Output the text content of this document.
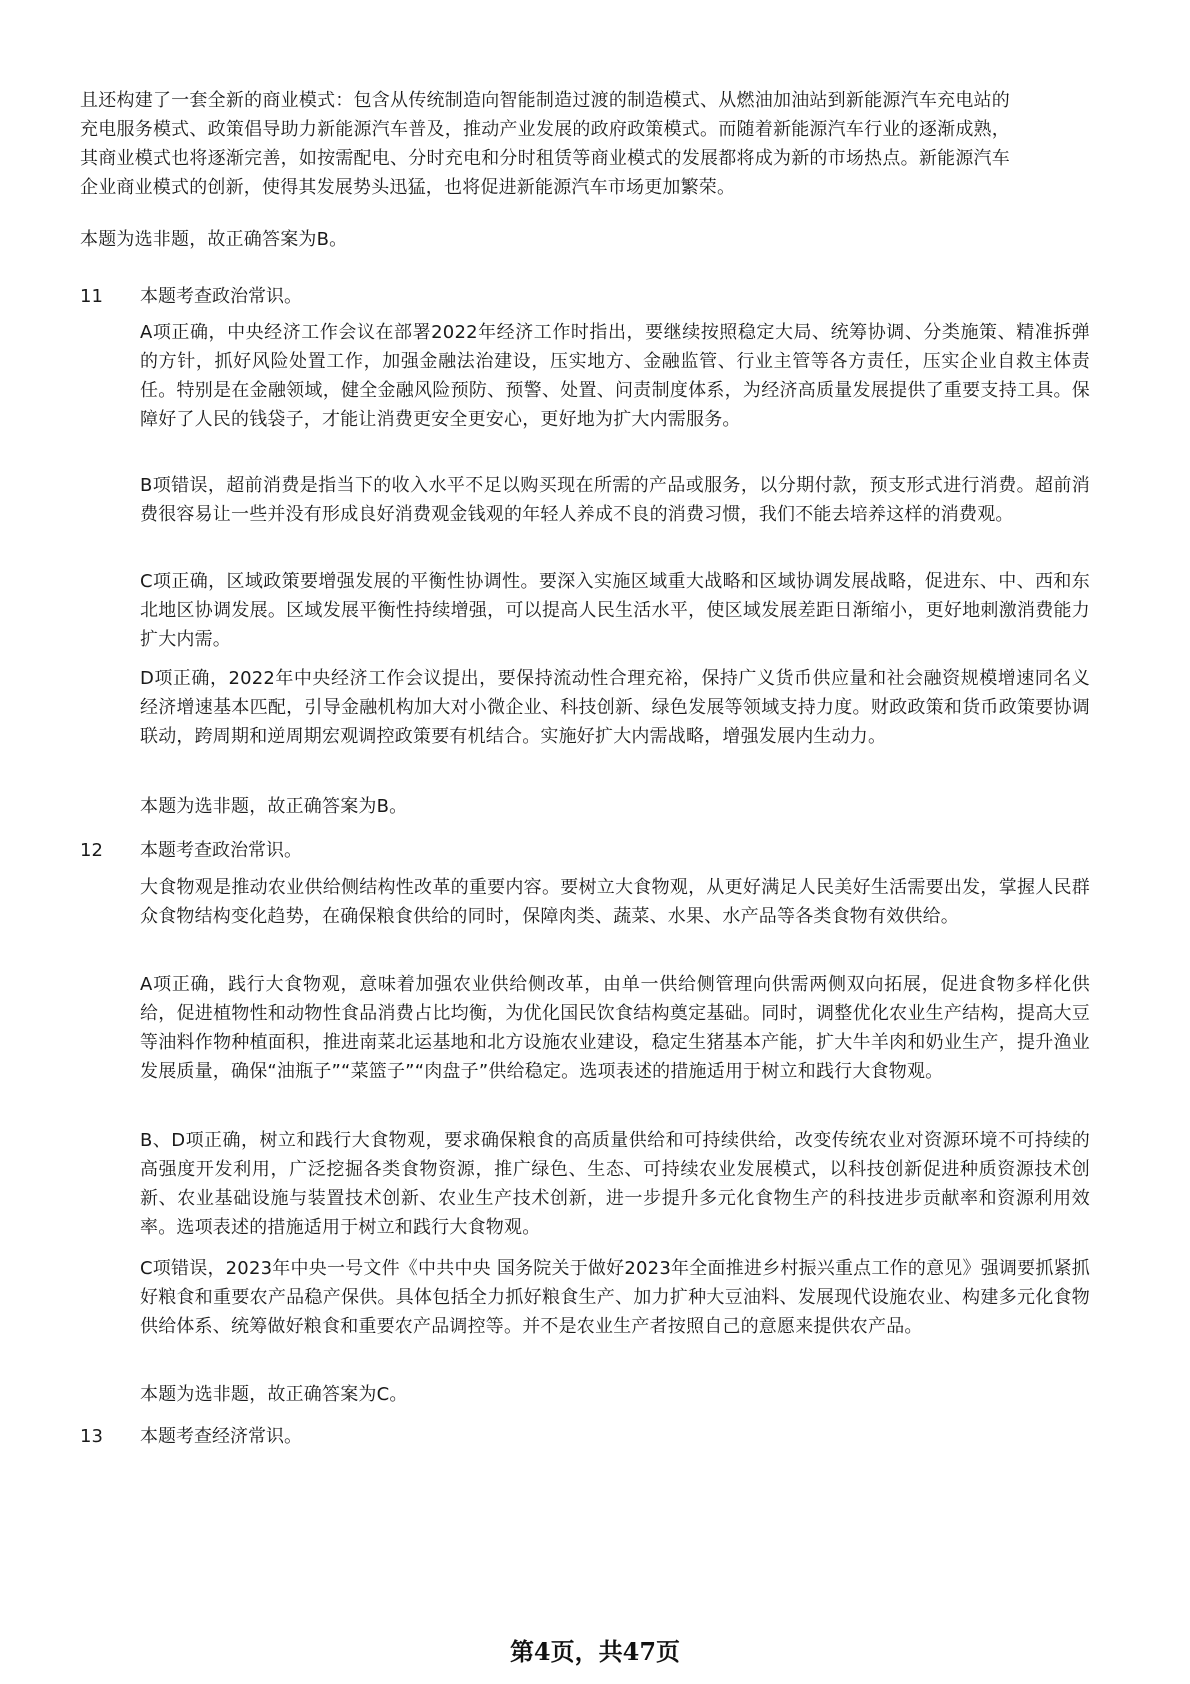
且还构建了一套全新的商业模式：包含从传统制造向智能制造过渡的制造模式、从燃油加油站到新能源汽车充电站的充电服务模式、政策倡导助力新能源汽车普及，推动产业发展的政府政策模式。而随着新能源汽车行业的逐渐成熟，其商业模式也将逐渐完善，如按需配电、分时充电和分时租赁等商业模式的发展都将成为新的市场热点。新能源汽车企业商业模式的创新，使得其发展势头迅猛，也将促进新能源汽车市场更加繁荣。

本题为选非题，故正确答案为B。

11	本题考查政治常识。

A项正确，中央经济工作会议在部署2022年经济工作时指出，要继续按照稳定大局、统筹协调、分类施策、精准拆弹的方针，抓好风险处置工作，加强金融法治建设，压实地方、金融监管、行业主管等各方责任，压实企业自救主体责任。特别是在金融领域，健全金融风险预防、预警、处置、问责制度体系，为经济高质量发展提供了重要支持工具。保障好了人民的钱袋子，才能让消费更安全更安心，更好地为扩大内需服务。

B项错误，超前消费是指当下的收入水平不足以购买现在所需的产品或服务，以分期付款，预支形式进行消费。超前消费很容易让一些并没有形成良好消费观金钱观的年轻人养成不良的消费习惯，我们不能去培养这样的消费观。

C项正确，区域政策要增强发展的平衡性协调性。要深入实施区域重大战略和区域协调发展战略，促进东、中、西和东北地区协调发展。区域发展平衡性持续增强，可以提高人民生活水平，使区域发展差距日渐缩小，更好地刺激消费能力扩大内需。

D项正确，2022年中央经济工作会议提出，要保持流动性合理充裕，保持广义货币供应量和社会融资规模增速同名义经济增速基本匹配，引导金融机构加大对小微企业、科技创新、绿色发展等领域支持力度。财政政策和货币政策要协调联动，跨周期和逆周期宏观调控政策要有机结合。实施好扩大内需战略，增强发展内生动力。

本题为选非题，故正确答案为B。

12	本题考查政治常识。

大食物观是推动农业供给侧结构性改革的重要内容。要树立大食物观，从更好满足人民美好生活需要出发，掌握人民群众食物结构变化趋势，在确保粮食供给的同时，保障肉类、蔬菜、水果、水产品等各类食物有效供给。

A项正确，践行大食物观，意味着加强农业供给侧改革，由单一供给侧管理向供需两侧双向拓展，促进食物多样化供给，促进植物性和动物性食品消费占比均衡，为优化国民饮食结构奠定基础。同时，调整优化农业生产结构，提高大豆等油料作物种植面积，推进南菜北运基地和北方设施农业建设，稳定生猪基本产能，扩大牛羊肉和奶业生产，提升渔业发展质量，确保“油瓶子”“菜篮子”“肉盘子”供给稳定。选项表述的措施适用于树立和践行大食物观。

B、D项正确，树立和践行大食物观，要求确保粮食的高质量供给和可持续供给，改变传统农业对资源环境不可持续的高强度开发利用，广泛挖掘各类食物资源，推广绿色、生态、可持续农业发展模式，以科技创新促进种质资源技术创新、农业基础设施与装置技术创新、农业生产技术创新，进一步提升多元化食物生产的科技进步贡献率和资源利用效率。选项表述的措施适用于树立和践行大食物观。

C项错误，2023年中央一号文件《中共中央 国务院关于做好2023年全面推进乡村振兴重点工作的意见》强调要抓紧抓好粮食和重要农产品稳产保供。具体包括全力抓好粮食生产、加力扩种大豆油料、发展现代设施农业、构建多元化食物供给体系、统筹做好粮食和重要农产品调控等。并不是农业生产者按照自己的意愿来提供农产品。

本题为选非题，故正确答案为C。

13	本题考查经济常识。
第4页，共47页
